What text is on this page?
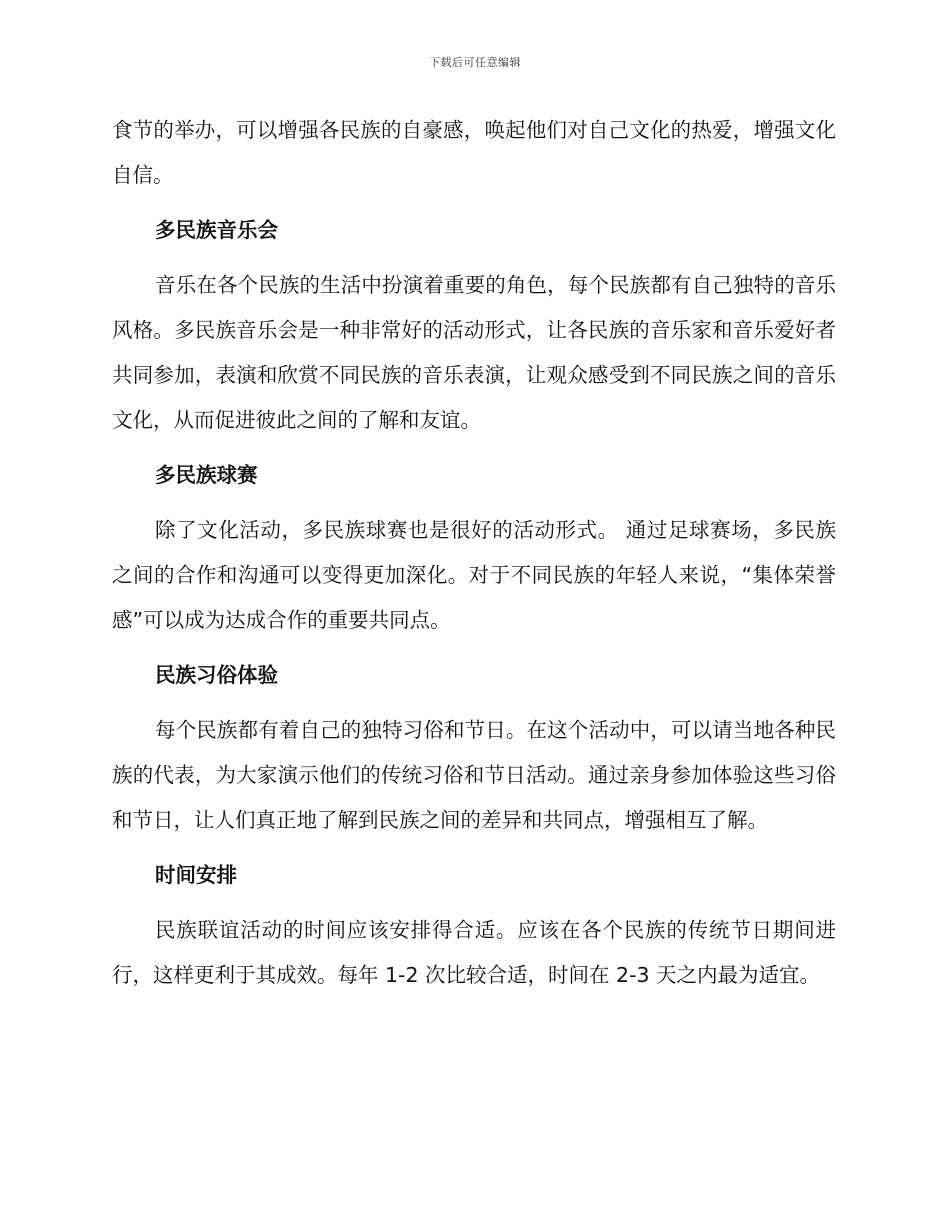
下载后可任意编辑

食节的举办，可以增强各民族的自豪感，唤起他们对自己文化的热爱，增强文化自信。

多民族音乐会

音乐在各个民族的生活中扮演着重要的角色，每个民族都有自己独特的音乐风格。多民族音乐会是一种非常好的活动形式，让各民族的音乐家和音乐爱好者共同参加，表演和欣赏不同民族的音乐表演，让观众感受到不同民族之间的音乐文化，从而促进彼此之间的了解和友谊。

多民族球赛

除了文化活动，多民族球赛也是很好的活动形式。 通过足球赛场，多民族之间的合作和沟通可以变得更加深化。对于不同民族的年轻人来说，“集体荣誉感”可以成为达成合作的重要共同点。

民族习俗体验

每个民族都有着自己的独特习俗和节日。在这个活动中，可以请当地各种民族的代表，为大家演示他们的传统习俗和节日活动。通过亲身参加体验这些习俗和节日，让人们真正地了解到民族之间的差异和共同点，增强相互了解。

时间安排

民族联谊活动的时间应该安排得合适。应该在各个民族的传统节日期间进行，这样更利于其成效。每年 1-2 次比较合适，时间在 2-3 天之内最为适宜。
